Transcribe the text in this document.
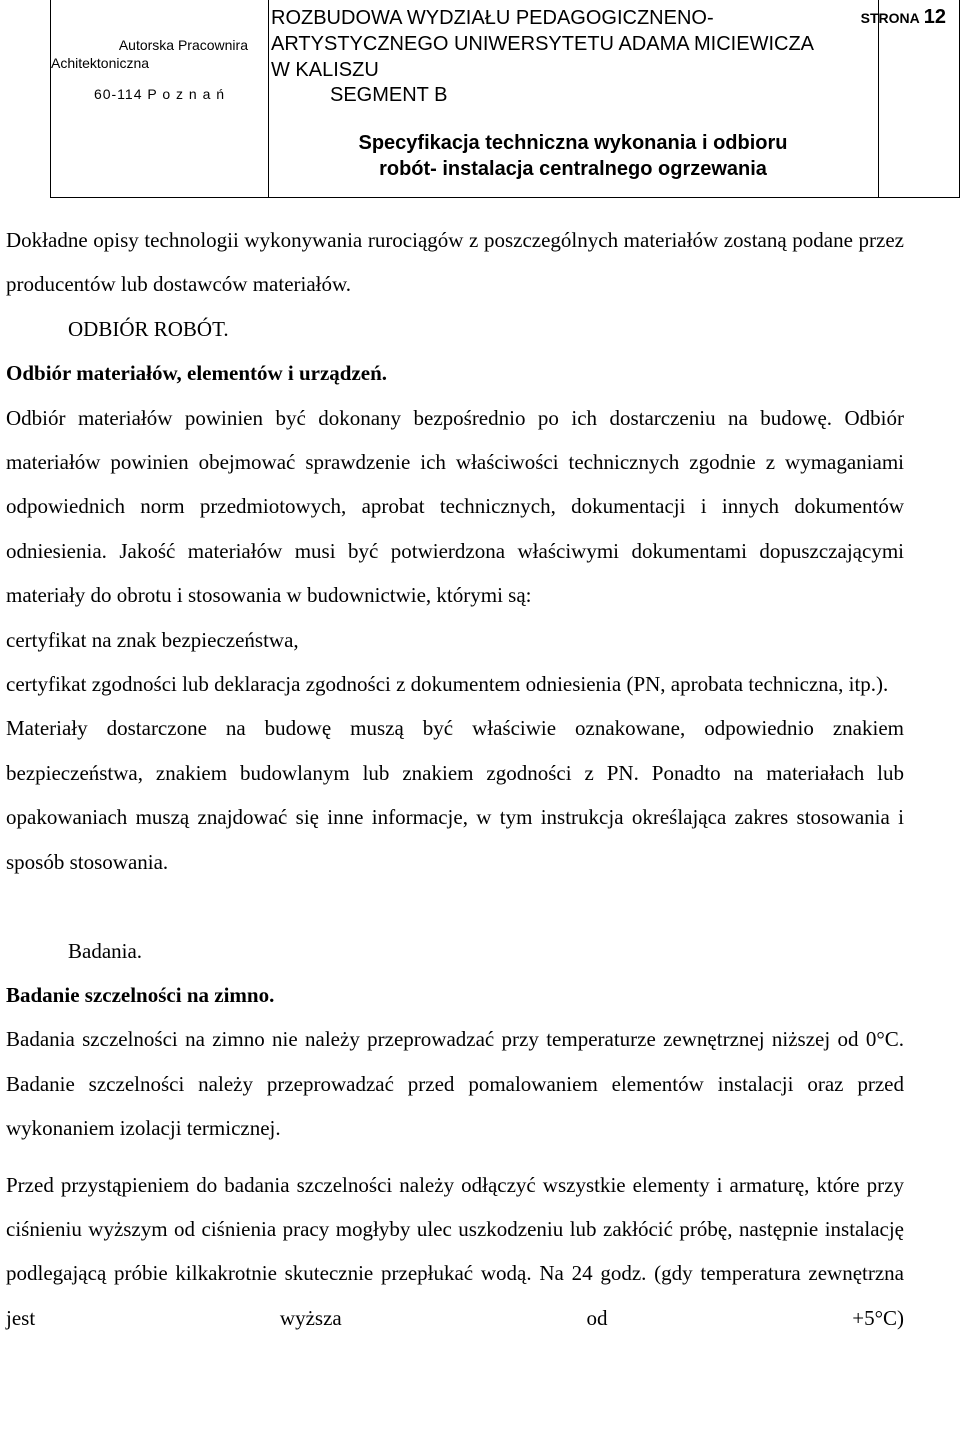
Autorska Pracownira
Achitektoniczna
60-114 P o z n a ń
ROZBUDOWA WYDZIAŁU PEDAGOGICZNENO-
ARTYSTYCZNEGO UNIWERSYTETU ADAMA MICIEWICZA
W KALISZU
SEGMENT B
Specyfikacja techniczna wykonania i odbioru
robót- instalacja centralnego ogrzewania
STRONA 12

Dokładne opisy technologii wykonywania rurociągów z poszczególnych materiałów zostaną podane przez producentów lub dostawców materiałów.

ODBIÓR ROBÓT.

Odbiór materiałów, elementów i urządzeń.

Odbiór materiałów powinien być dokonany bezpośrednio po ich dostarczeniu na budowę. Odbiór materiałów powinien obejmować sprawdzenie ich właściwości technicznych zgodnie z wymaganiami odpowiednich norm przedmiotowych, aprobat technicznych, dokumentacji i innych dokumentów odniesienia. Jakość materiałów musi być potwierdzona właściwymi dokumentami dopuszczającymi materiały do obrotu i stosowania w budownictwie, którymi są:

certyfikat na znak bezpieczeństwa,

certyfikat zgodności lub deklaracja zgodności z dokumentem odniesienia (PN, aprobata techniczna, itp.).

Materiały dostarczone na budowę muszą być właściwie oznakowane, odpowiednio znakiem bezpieczeństwa, znakiem budowlanym lub znakiem zgodności z PN. Ponadto na materiałach lub opakowaniach muszą znajdować się inne informacje, w tym instrukcja określająca zakres stosowania i sposób stosowania.

Badania.

Badanie szczelności na zimno.

Badania szczelności na zimno nie należy przeprowadzać przy temperaturze zewnętrznej niższej od 0°C. Badanie szczelności należy przeprowadzać przed pomalowaniem elementów instalacji oraz przed wykonaniem izolacji termicznej.

Przed przystąpieniem do badania szczelności należy odłączyć wszystkie elementy i armaturę, które przy ciśnieniu wyższym od ciśnienia pracy mogłyby ulec uszkodzeniu lub zakłócić próbę, następnie instalację podlegającą próbie kilkakrotnie skutecznie przepłukać wodą. Na 24 godz. (gdy temperatura zewnętrzna jest wyższa od +5°C)
